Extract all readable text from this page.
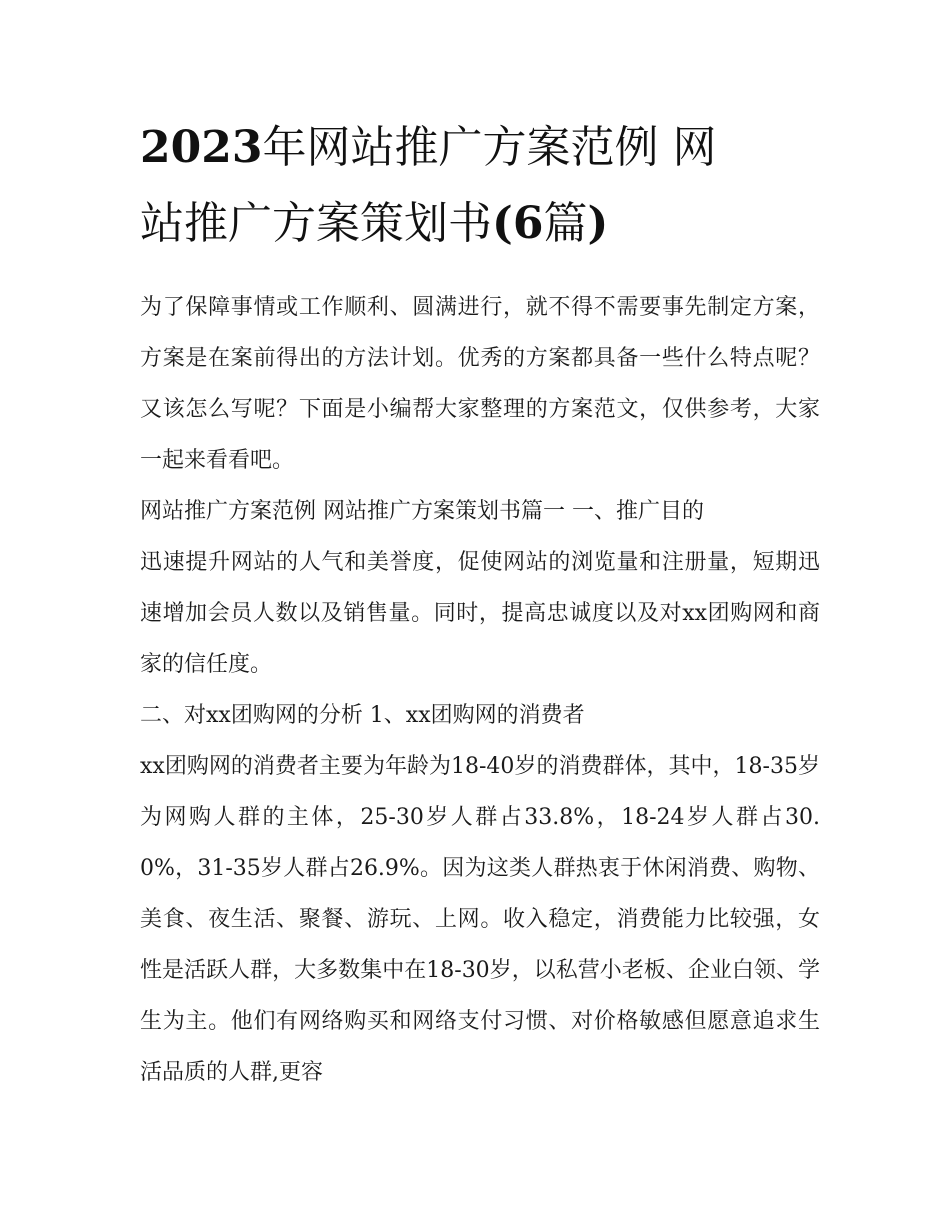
2023年网站推广方案范例 网
站推广方案策划书(6篇)

为了保障事情或工作顺利、圆满进行，就不得不需要事先制定方案，方案是在案前得出的方法计划。优秀的方案都具备一些什么特点呢？又该怎么写呢？下面是小编帮大家整理的方案范文，仅供参考，大家一起来看看吧。

网站推广方案范例 网站推广方案策划书篇一 一、推广目的

迅速提升网站的人气和美誉度，促使网站的浏览量和注册量，短期迅速增加会员人数以及销售量。同时，提高忠诚度以及对xx团购网和商家的信任度。

二、对xx团购网的分析 1、xx团购网的消费者

xx团购网的消费者主要为年龄为18-40岁的消费群体，其中，18-35岁为网购人群的主体，25-30岁人群占33.8%，18-24岁人群占30.0%，31-35岁人群占26.9%。因为这类人群热衷于休闲消费、购物、美食、夜生活、聚餐、游玩、上网。收入稳定，消费能力比较强，女性是活跃人群，大多数集中在18-30岁，以私营小老板、企业白领、学生为主。他们有网络购买和网络支付习惯、对价格敏感但愿意追求生活品质的人群,更容
